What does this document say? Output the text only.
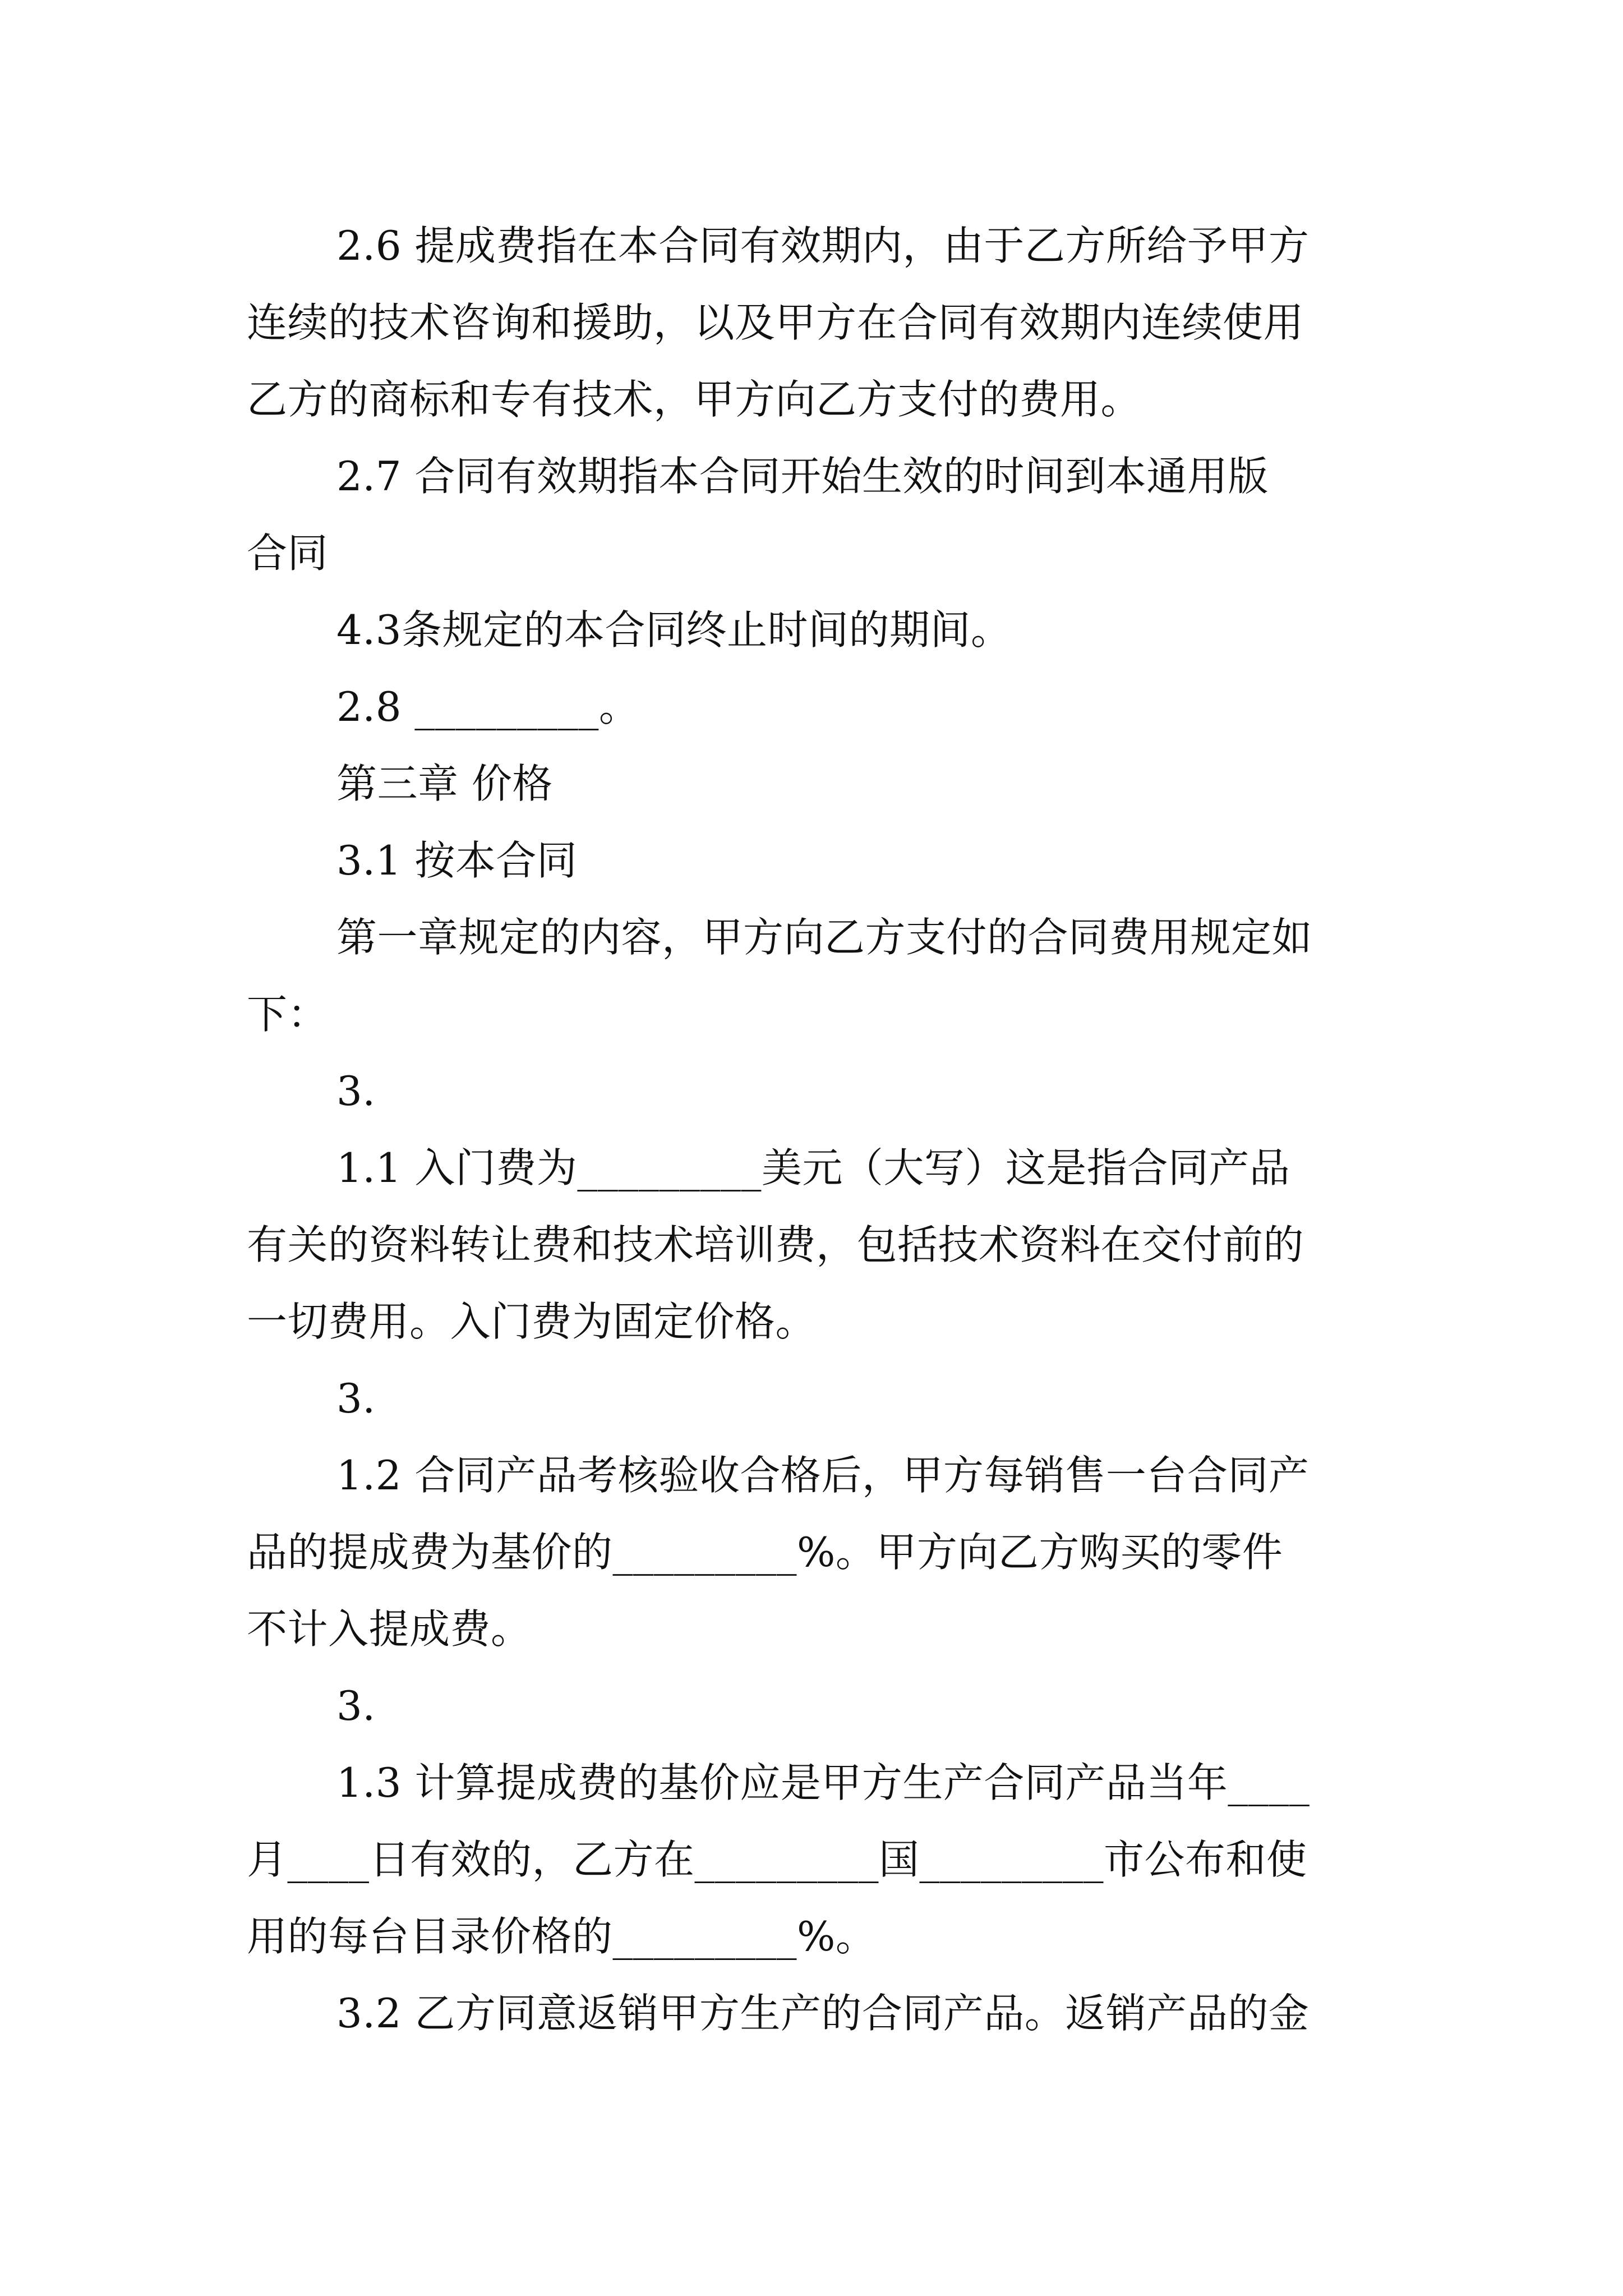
2.6 提成费指在本合同有效期内，由于乙方所给予甲方
连续的技术咨询和援助，以及甲方在合同有效期内连续使用
乙方的商标和专有技术，甲方向乙方支付的费用。
2.7 合同有效期指本合同开始生效的时间到本通用版
合同
4.3条规定的本合同终止时间的期间。
2.8 _________。
第三章 价格
3.1 按本合同
第一章规定的内容，甲方向乙方支付的合同费用规定如
下：
3.
1.1 入门费为_________美元（大写）这是指合同产品
有关的资料转让费和技术培训费，包括技术资料在交付前的
一切费用。入门费为固定价格。
3.
1.2 合同产品考核验收合格后，甲方每销售一台合同产
品的提成费为基价的_________%。甲方向乙方购买的零件
不计入提成费。
3.
1.3 计算提成费的基价应是甲方生产合同产品当年____
月____日有效的，乙方在_________国_________市公布和使
用的每台目录价格的_________%。
3.2 乙方同意返销甲方生产的合同产品。返销产品的金
